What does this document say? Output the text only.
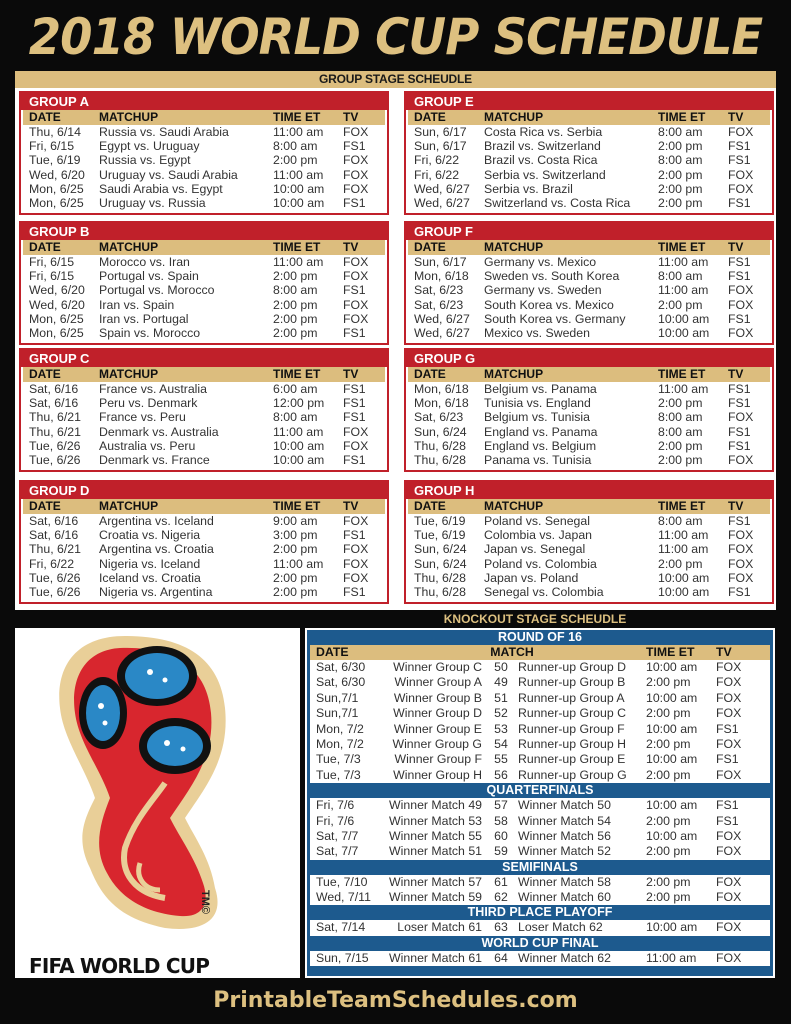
2018 WORLD CUP SCHEDULE
GROUP STAGE SCHEUDLE
GROUP A
DATE	MATCHUP	TIME ET	TV
Thu, 6/14	Russia vs. Saudi Arabia	11:00 am	FOX
Fri, 6/15	Egypt vs. Uruguay	8:00 am	FS1
Tue, 6/19	Russia vs. Egypt	2:00 pm	FOX
Wed, 6/20	Uruguay vs. Saudi Arabia	11:00 am	FOX
Mon, 6/25	Saudi Arabia vs. Egypt	10:00 am	FOX
Mon, 6/25	Uruguay vs. Russia	10:00 am	FS1
GROUP B
DATE	MATCHUP	TIME ET	TV
Fri, 6/15	Morocco vs. Iran	11:00 am	FOX
Fri, 6/15	Portugal vs. Spain	2:00 pm	FOX
Wed, 6/20	Portugal vs. Morocco	8:00 am	FS1
Wed, 6/20	Iran vs. Spain	2:00 pm	FOX
Mon, 6/25	Iran vs. Portugal	2:00 pm	FOX
Mon, 6/25	Spain vs. Morocco	2:00 pm	FS1
GROUP C
DATE	MATCHUP	TIME ET	TV
Sat, 6/16	France vs. Australia	6:00 am	FS1
Sat, 6/16	Peru vs. Denmark	12:00 pm	FS1
Thu, 6/21	France vs. Peru	8:00 am	FS1
Thu, 6/21	Denmark vs. Australia	11:00 am	FOX
Tue, 6/26	Australia vs. Peru	10:00 am	FOX
Tue, 6/26	Denmark vs. France	10:00 am	FS1
GROUP D
DATE	MATCHUP	TIME ET	TV
Sat, 6/16	Argentina vs. Iceland	9:00 am	FOX
Sat, 6/16	Croatia vs. Nigeria	3:00 pm	FS1
Thu, 6/21	Argentina vs. Croatia	2:00 pm	FOX
Fri, 6/22	Nigeria vs. Iceland	11:00 am	FOX
Tue, 6/26	Iceland vs. Croatia	2:00 pm	FOX
Tue, 6/26	Nigeria vs. Argentina	2:00 pm	FS1
GROUP E
DATE	MATCHUP	TIME ET	TV
Sun, 6/17	Costa Rica vs. Serbia	8:00 am	FOX
Sun, 6/17	Brazil vs. Switzerland	2:00 pm	FS1
Fri, 6/22	Brazil vs. Costa Rica	8:00 am	FS1
Fri, 6/22	Serbia vs. Switzerland	2:00 pm	FOX
Wed, 6/27	Serbia vs. Brazil	2:00 pm	FOX
Wed, 6/27	Switzerland vs. Costa Rica	2:00 pm	FS1
GROUP F
DATE	MATCHUP	TIME ET	TV
Sun, 6/17	Germany vs. Mexico	11:00 am	FS1
Mon, 6/18	Sweden vs. South Korea	8:00 am	FS1
Sat, 6/23	Germany vs. Sweden	11:00 am	FOX
Sat, 6/23	South Korea vs. Mexico	2:00 pm	FOX
Wed, 6/27	South Korea vs. Germany	10:00 am	FS1
Wed, 6/27	Mexico vs. Sweden	10:00 am	FOX
GROUP G
DATE	MATCHUP	TIME ET	TV
Mon, 6/18	Belgium vs. Panama	11:00 am	FS1
Mon, 6/18	Tunisia vs. England	2:00 pm	FS1
Sat, 6/23	Belgium vs. Tunisia	8:00 am	FOX
Sun, 6/24	England vs. Panama	8:00 am	FS1
Thu, 6/28	England vs. Belgium	2:00 pm	FS1
Thu, 6/28	Panama vs. Tunisia	2:00 pm	FOX
GROUP H
DATE	MATCHUP	TIME ET	TV
Tue, 6/19	Poland vs. Senegal	8:00 am	FS1
Tue, 6/19	Colombia vs. Japan	11:00 am	FOX
Sun, 6/24	Japan vs. Senegal	11:00 am	FOX
Sun, 6/24	Poland vs. Colombia	2:00 pm	FOX
Thu, 6/28	Japan vs. Poland	10:00 am	FOX
Thu, 6/28	Senegal vs. Colombia	10:00 am	FS1
KNOCKOUT STAGE SCHEUDLE
TM©
FIFA WORLD CUP
ROUND OF 16
DATE	MATCH	TIME ET	TV
Sat, 6/30	Winner Group C 50 Runner-up Group D	10:00 am	FOX
Sat, 6/30	Winner Group A 49 Runner-up Group B	2:00 pm	FOX
Sun,7/1	Winner Group B 51 Runner-up Group A	10:00 am	FOX
Sun,7/1	Winner Group D 52 Runner-up Group C	2:00 pm	FOX
Mon, 7/2	Winner Group E 53 Runner-up Group F	10:00 am	FS1
Mon, 7/2	Winner Group G 54 Runner-up Group H	2:00 pm	FOX
Tue, 7/3	Winner Group F 55 Runner-up Group E	10:00 am	FS1
Tue, 7/3	Winner Group H 56 Runner-up Group G	2:00 pm	FOX
QUARTERFINALS
Fri, 7/6	Winner Match 49 57 Winner Match 50	10:00 am	FS1
Fri, 7/6	Winner Match 53 58 Winner Match 54	2:00 pm	FS1
Sat, 7/7	Winner Match 55 60 Winner Match 56	10:00 am	FOX
Sat, 7/7	Winner Match 51 59 Winner Match 52	2:00 pm	FOX
SEMIFINALS
Tue, 7/10	Winner Match 57 61 Winner Match 58	2:00 pm	FOX
Wed, 7/11	Winner Match 59 62 Winner Match 60	2:00 pm	FOX
THIRD PLACE PLAYOFF
Sat, 7/14	Loser Match 61 63 Loser Match 62	10:00 am	FOX
WORLD CUP FINAL
Sun, 7/15	Winner Match 61 64 Winner Match 62	11:00 am	FOX
PrintableTeamSchedules.com
